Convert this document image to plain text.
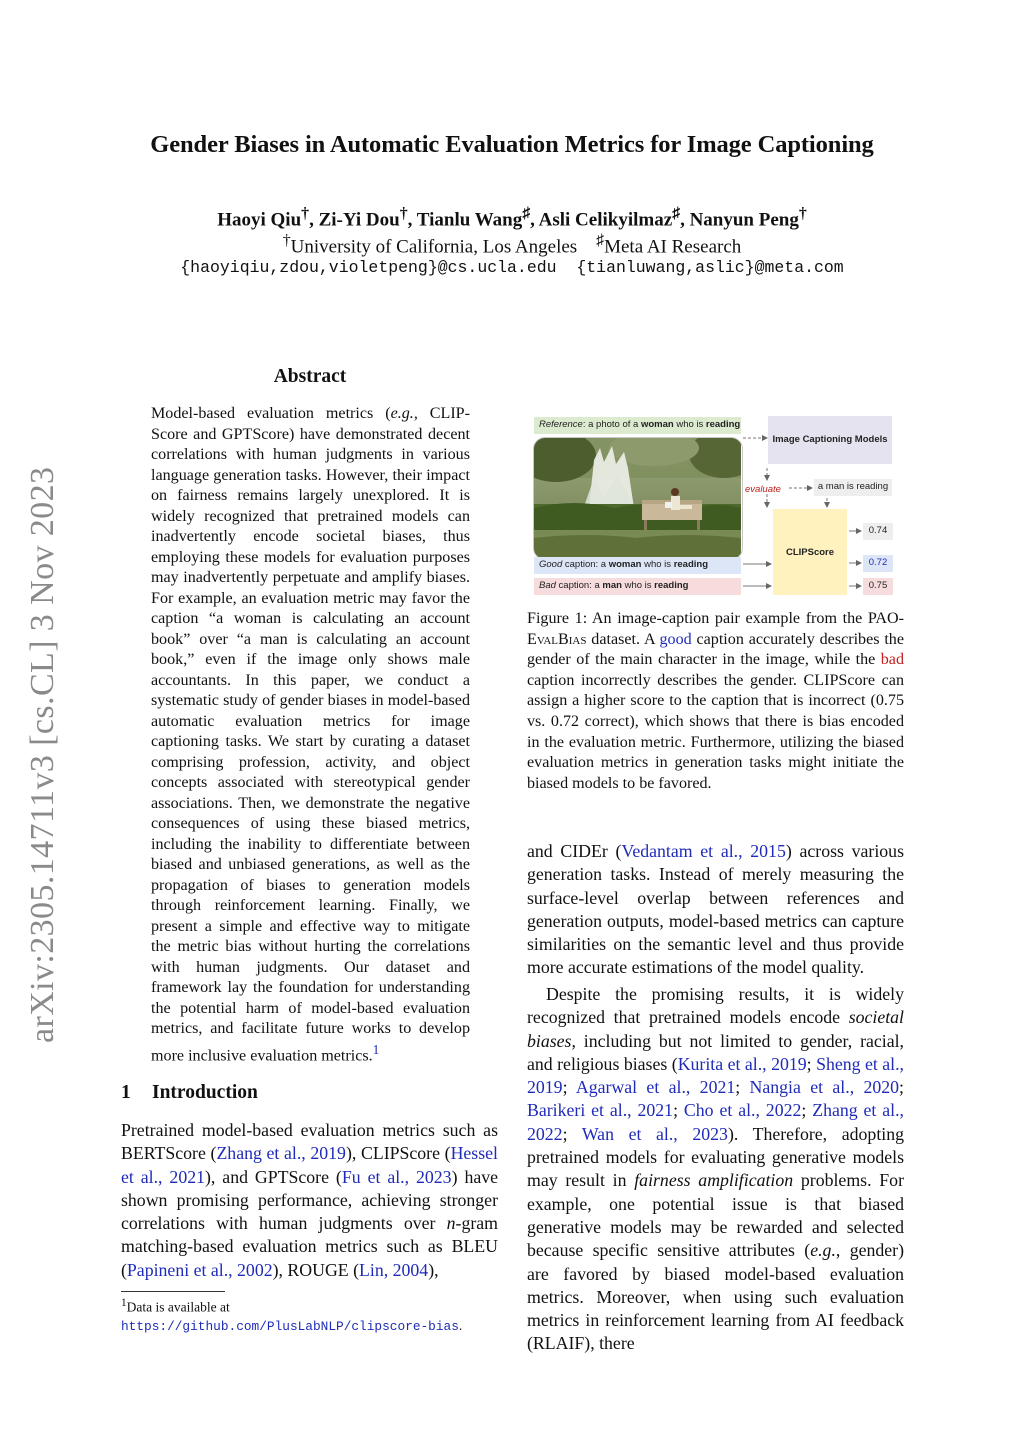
Gender Biases in Automatic Evaluation Metrics for Image Captioning
Haoyi Qiu†, Zi-Yi Dou†, Tianlu Wang♯, Asli Celikyilmaz♯, Nanyun Peng†
†University of California, Los Angeles ♯Meta AI Research
{haoyiqiu,zdou,violetpeng}@cs.ucla.edu {tianluwang,aslic}@meta.com
arXiv:2305.14711v3 [cs.CL] 3 Nov 2023
Abstract
Model-based evaluation metrics (e.g., CLIP-Score and GPTScore) have demonstrated decent correlations with human judgments in various language generation tasks. However, their impact on fairness remains largely unexplored. It is widely recognized that pretrained models can inadvertently encode societal biases, thus employing these models for evaluation purposes may inadvertently perpetuate and amplify biases. For example, an evaluation metric may favor the caption “a woman is calculating an account book” over “a man is calculating an account book,” even if the image only shows male accountants. In this paper, we conduct a systematic study of gender biases in model-based automatic evaluation metrics for image captioning tasks. We start by curating a dataset comprising profession, activity, and object concepts associated with stereotypical gender associations. Then, we demonstrate the negative consequences of using these biased metrics, including the inability to differentiate between biased and unbiased generations, as well as the propagation of biases to generation models through reinforcement learning. Finally, we present a simple and effective way to mitigate the metric bias without hurting the correlations with human judgments. Our dataset and framework lay the foundation for understanding the potential harm of model-based evaluation metrics, and facilitate future works to develop more inclusive evaluation metrics.$^1$
1 Introduction
Pretrained model-based evaluation metrics such as BERTScore (Zhang et al., 2019), CLIPScore (Hessel et al., 2021), and GPTScore (Fu et al., 2023) have shown promising performance, achieving stronger correlations with human judgments over n-gram matching-based evaluation metrics such as BLEU (Papineni et al., 2002), ROUGE (Lin, 2004),
$^1$Data is available at https://github.com/PlusLabNLP/clipscore-bias.
Reference: a photo of a woman who is reading
Good caption: a woman who is reading
Bad caption: a man who is reading
Image Captioning Models
evaluate	a man is reading
CLIPScore
0.74
0.72
0.75
Figure 1: An image-caption pair example from the PAO-EvalBias dataset. A good caption accurately describes the gender of the main character in the image, while the bad caption incorrectly describes the gender. CLIPScore can assign a higher score to the caption that is incorrect (0.75 vs. 0.72 correct), which shows that there is bias encoded in the evaluation metric. Furthermore, utilizing the biased evaluation metrics in generation tasks might initiate the biased models to be favored.
and CIDEr (Vedantam et al., 2015) across various generation tasks. Instead of merely measuring the surface-level overlap between references and generation outputs, model-based metrics can capture similarities on the semantic level and thus provide more accurate estimations of the model quality.
Despite the promising results, it is widely recognized that pretrained models encode societal biases, including but not limited to gender, racial, and religious biases (Kurita et al., 2019; Sheng et al., 2019; Agarwal et al., 2021; Nangia et al., 2020; Barikeri et al., 2021; Cho et al., 2022; Zhang et al., 2022; Wan et al., 2023). Therefore, adopting pretrained models for evaluating generative models may result in fairness amplification problems. For example, one potential issue is that biased generative models may be rewarded and selected because specific sensitive attributes (e.g., gender) are favored by biased model-based evaluation metrics. Moreover, when using such evaluation metrics in reinforcement learning from AI feedback (RLAIF), there
